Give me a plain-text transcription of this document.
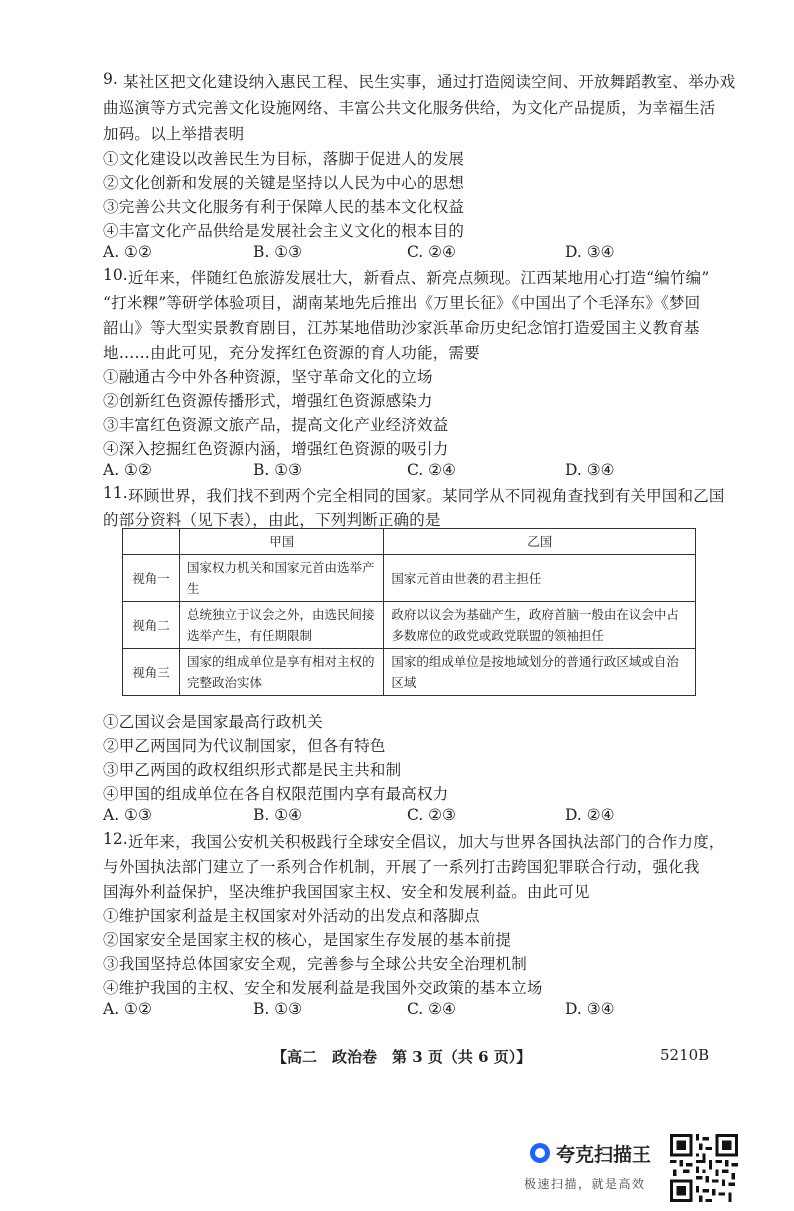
9. 某社区把文化建设纳入惠民工程、民生实事，通过打造阅读空间、开放舞蹈教室、举办戏
曲巡演等方式完善文化设施网络、丰富公共文化服务供给，为文化产品提质，为幸福生活
加码。以上举措表明
①文化建设以改善民生为目标，落脚于促进人的发展
②文化创新和发展的关键是坚持以人民为中心的思想
③完善公共文化服务有利于保障人民的基本文化权益
④丰富文化产品供给是发展社会主义文化的根本目的
A. ①②	B. ①③	C. ②④	D. ③④
10. 近年来，伴随红色旅游发展壮大，新看点、新亮点频现。江西某地用心打造“编竹编”
“打米粿”等研学体验项目，湖南某地先后推出《万里长征》《中国出了个毛泽东》《梦回
韶山》等大型实景教育剧目，江苏某地借助沙家浜革命历史纪念馆打造爱国主义教育基
地……由此可见，充分发挥红色资源的育人功能，需要
①融通古今中外各种资源，坚守革命文化的立场
②创新红色资源传播形式，增强红色资源感染力
③丰富红色资源文旅产品，提高文化产业经济效益
④深入挖掘红色资源内涵，增强红色资源的吸引力
A. ①②	B. ①③	C. ②④	D. ③④
11. 环顾世界，我们找不到两个完全相同的国家。某同学从不同视角查找到有关甲国和乙国
的部分资料（见下表），由此，下列判断正确的是
	甲国	乙国
视角一	国家权力机关和国家元首由选举产生	国家元首由世袭的君主担任
视角二	总统独立于议会之外，由选民间接选举产生，有任期限制	政府以议会为基础产生，政府首脑一般由在议会中占多数席位的政党或政党联盟的领袖担任
视角三	国家的组成单位是享有相对主权的完整政治实体	国家的组成单位是按地域划分的普通行政区域或自治区域
①乙国议会是国家最高行政机关
②甲乙两国同为代议制国家，但各有特色
③甲乙两国的政权组织形式都是民主共和制
④甲国的组成单位在各自权限范围内享有最高权力
A. ①③	B. ①④	C. ②③	D. ②④
12. 近年来，我国公安机关积极践行全球安全倡议，加大与世界各国执法部门的合作力度，
与外国执法部门建立了一系列合作机制，开展了一系列打击跨国犯罪联合行动，强化我
国海外利益保护，坚决维护我国国家主权、安全和发展利益。由此可见
①维护国家利益是主权国家对外活动的出发点和落脚点
②国家安全是国家主权的核心，是国家生存发展的基本前提
③我国坚持总体国家安全观，完善参与全球公共安全治理机制
④维护我国的主权、安全和发展利益是我国外交政策的基本立场
A. ①②	B. ①③	C. ②④	D. ③④
【高二　政治卷　第 3 页（共 6 页）】	5210B
夸克扫描王
极速扫描，就是高效
